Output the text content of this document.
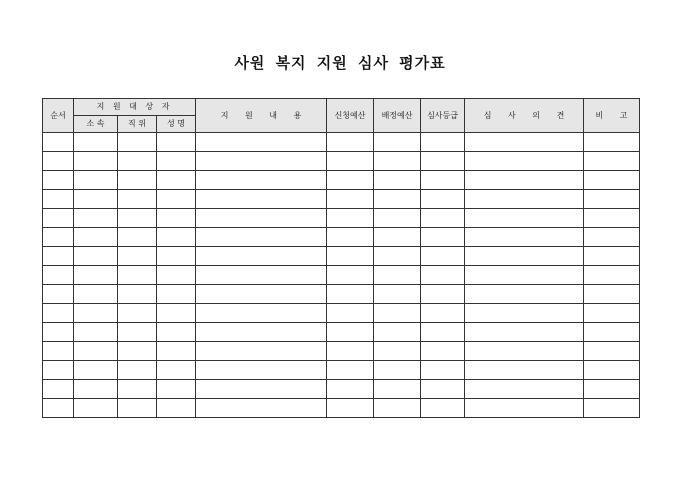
사원 복지 지원 심사 평가표
순서	지 원 대 상 자			지 원 내 용	신청예산	배정예산	심사등급	심 사 의 견	비 고
	소 속	직 위	성 명						
